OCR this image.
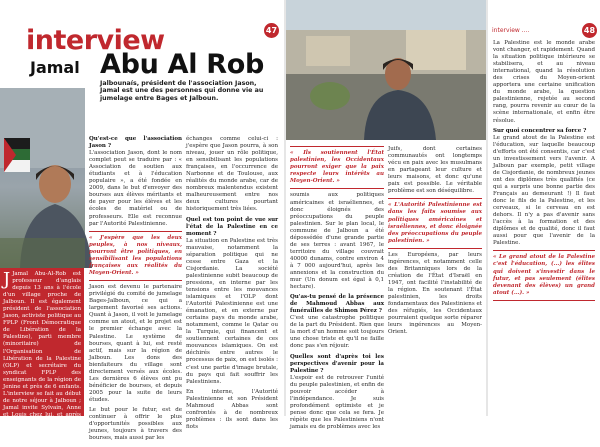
47
interview
Jamal Abu Al Rob
Jalbounaís, président de l'association Jason, Jamal est une des personnes qui donne vie au jumelage entre Bages et Jalboun.
J Jamal Abu-Al-Rob est professeur d'anglais depuis 13 ans à l'école d'un village proche de Jalboun. Il est également président de l'association Jason, activiste politique au FPLP (Front Démocratique de Libération de la Palestine), parti membre (minoritaire) de l'Organisation de Libération de la Palestine (OLP) et secrétaire du syndicat FPLP des enseignants de la région de Jenine et près de 6 enfants. L'interview se fait au début de notre séjour à Jalboun ; Jamal invite Sylvain, Anne et Louis chez lui, et après les avoir installés et son compère avec de café et des fruits, l'interview commence.
Qu'est-ce que l'association Jason ?

L'association Jason, dont le nom complet peut se traduire par : « Association de soutien aux étudiants et à l'éducation populaire », a été fondée en 2009, dans le but d'envoyer des bourses aux élèves méritants et de payer pour les élèves et les écoles de matériel ou de professeurs. Elle est reconnue par l'Autorité Palestinienne.

« J'espère que les deux peuples, à nos niveaux, pourront être politiques, en sensibilisant les populations françaises aux réalités du Moyen-Orient. »

Jason est devenu le partenaire privilégié du comité de jumelage Bages-Jalboun, ce qui a largement favorisé ses actions. Quant à Jason, il voit le jumelage comme un atout, et le projet est le premier échange avec la Palestine. Le système de bourses, quant à lui, est resté actif, mais sur la région de Jalboun. Les dons des bienfaiteurs du village sont directement versés aux écoles. Les dernières 6 élèves ont pu bénéficier de bourses, et depuis 2005 pour la suite de leurs études.

Le but pour le futur, est de continuer à offrir le plus d'opportunités possibles aux jeunes, toujours à travers des bourses, mais aussi par les

échanges comme celui-ci : j'espère que Jason pourra, à son niveau, jouer un rôle politique, en sensibilisant les populations françaises, en l'occurrence de Narbonne et de Toulouse, aux réalités du monde arabe, car de nombreux malentendus existent malheureusement entre nos deux cultures pourtant historiquement très liées.

Quel est ton point de vue sur l'état de la Palestine en ce moment ?

La situation en Palestine est très mauvaise, notamment la séparation politique qui ne cesse entre Gaza et la Cisjordanie. La société palestinienne subit beaucoup de pressions, en interne par les tensions entre les mouvances islamiques et l'OLP dont l'Autorité Palestinienne est une émanation, et en externe par certains pays du monde arabe, notamment, comme le Qatar ou la Turquie, qui financent et soutiennent certaines de ces mouvances islamiques. On est déchirés entre autres le processus de paix, on est isolés : c'est une partie d'image brutale, du pays qui fait souffrir les Palestiniens.

En interne, l'Autorité Palestinienne et son Président Mahmoud Abbas sont confrontés à de nombreux problèmes : ils sont dans les fiots

« Ils soutiennent l'État palestinien, les Occidentaux pourront exiger que la paix respecte leurs intérêts au Moyen-Orient. »

soumis aux politiques américaines et israéliennes, et donc éloignés des préoccupations du peuple palestinien. Sur le plan local, le commune de Jalboun a été dépossédée d'une grande partie de ses terres : avant 1967, le territoire du village couvrait 40000 dunams, contre environ 4 à 7 000 aujourd'hui, après les annexions et la construction du mur (Un donum est égal à 0,1 hectare).

Qu'as-tu pensé de la présence de Mahmoud Abbas aux funérailles de Shimon Pérez ?

C'est une catastrophe politique de la part du Président. Rien que la mort d'un homme soit toujours une chose triste et qu'il ne faille donc pas s'en réjouir.

Quelles sont d'après toi les perspectives d'avenir pour la Palestine ?

L'espoir est de retrouver l'unité du peuple palestinien, et enfin de pouvoir accéder à l'indépendance. Je suis profondément optimiste et je pense donc que cela se fera. Je répète que les Palestiniens n'ont jamais eu de problèmes avec les

Juifs, dont certaines communautés ont longtemps vécu en paix avec les musulmans en partageant leur culture et leurs maisons, et donc qu'une paix est possible. Le véritable problème est son déséquilibre.

« L'Autorité Palestinienne est dans les faits soumise aux politiques américaines et israéliennes, et donc éloignée des préoccupations du peuple palestinien. »

Les Européens, par leurs ingérences, et notamment celle des Britanniques lors de la création de l'État d'Israël en 1947, ont facilité l'instabilité de la région. En soutenant l'État palestinien, les droits fondamentaux des Palestiniens et des réfugiés, les Occidentaux pourraient quelque sorte réparer leurs ingérences au Moyen-Orient.

interview ....	48

La Palestine est le monde arabe vont changer, et rapidement. Quand la situation politique intérieure se stabilisera, et au niveau international, quand la résolution des crises du Moyen-orient apportera une certaine unification du monde arabe, la question palestinienne, rejetée au second rang, pourra revenir au cœur de la scène internationale, et enfin être résolue.

Sur quoi concentrer sa force ?

Le grand atout de la Palestine est l'éducation, sur laquelle beaucoup d'efforts ont été consentis, car c'est un investissement vers l'avenir. A Jalboun par exemple, petit village de Cisjordanie, de nombreux jeunes ont des diplômes très qualifiés (ce qui a surpris une bonne partie des Français au demeurant !) Il faut donc le fils de la Palestine, et les cerveaux, si le cerveau en est dehors. Il n'y a pas d'avenir sans l'accès à la formation et des diplômes et de qualité, donc il faut aussi pour que l'avenir de la Palestine.

« Le grand atout de la Palestine c'est l'éducation, (...) les élites qui doivent s'investir dans le futur, et pas seulement (élites devenant des élèves) un grand atout (...). »
